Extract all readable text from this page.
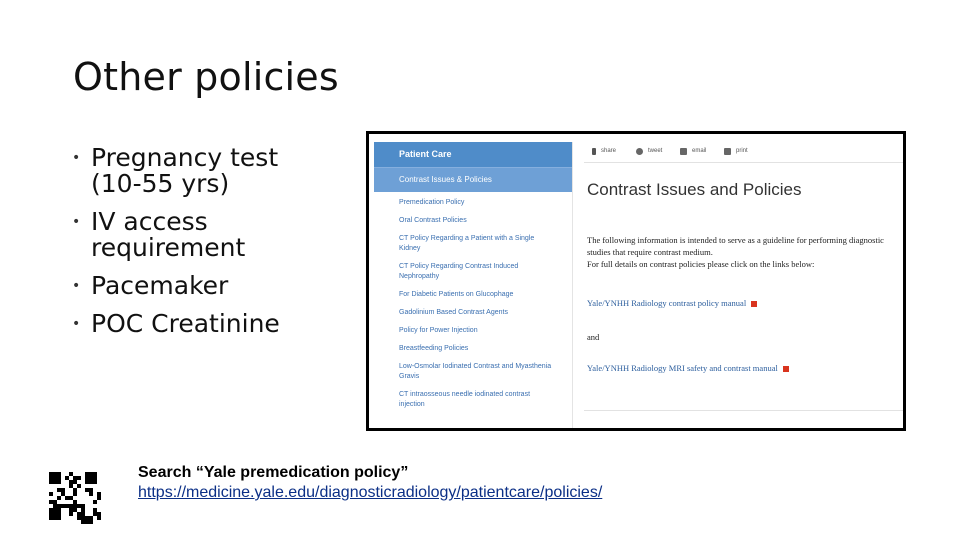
Other policies
• Pregnancy test (10-55 yrs)
• IV access requirement
• Pacemaker
• POC Creatinine
Patient Care
Contrast Issues & Policies
Premedication Policy
Oral Contrast Policies
CT Policy Regarding a Patient with a Single Kidney
CT Policy Regarding Contrast Induced Nephropathy
For Diabetic Patients on Glucophage
Gadolinium Based Contrast Agents
Policy for Power Injection
Breastfeeding Policies
Low-Osmolar Iodinated Contrast and Myasthenia Gravis
CT intraosseous needle iodinated contrast injection
share	tweet	email	print
Contrast Issues and Policies
The following information is intended to serve as a guideline for performing diagnostic studies that require contrast medium.
For full details on contrast policies please click on the links below:
Yale/YNHH Radiology contrast policy manual
and
Yale/YNHH Radiology MRI safety and contrast manual
Search “Yale premedication policy”
https://medicine.yale.edu/diagnosticradiology/patientcare/policies/
